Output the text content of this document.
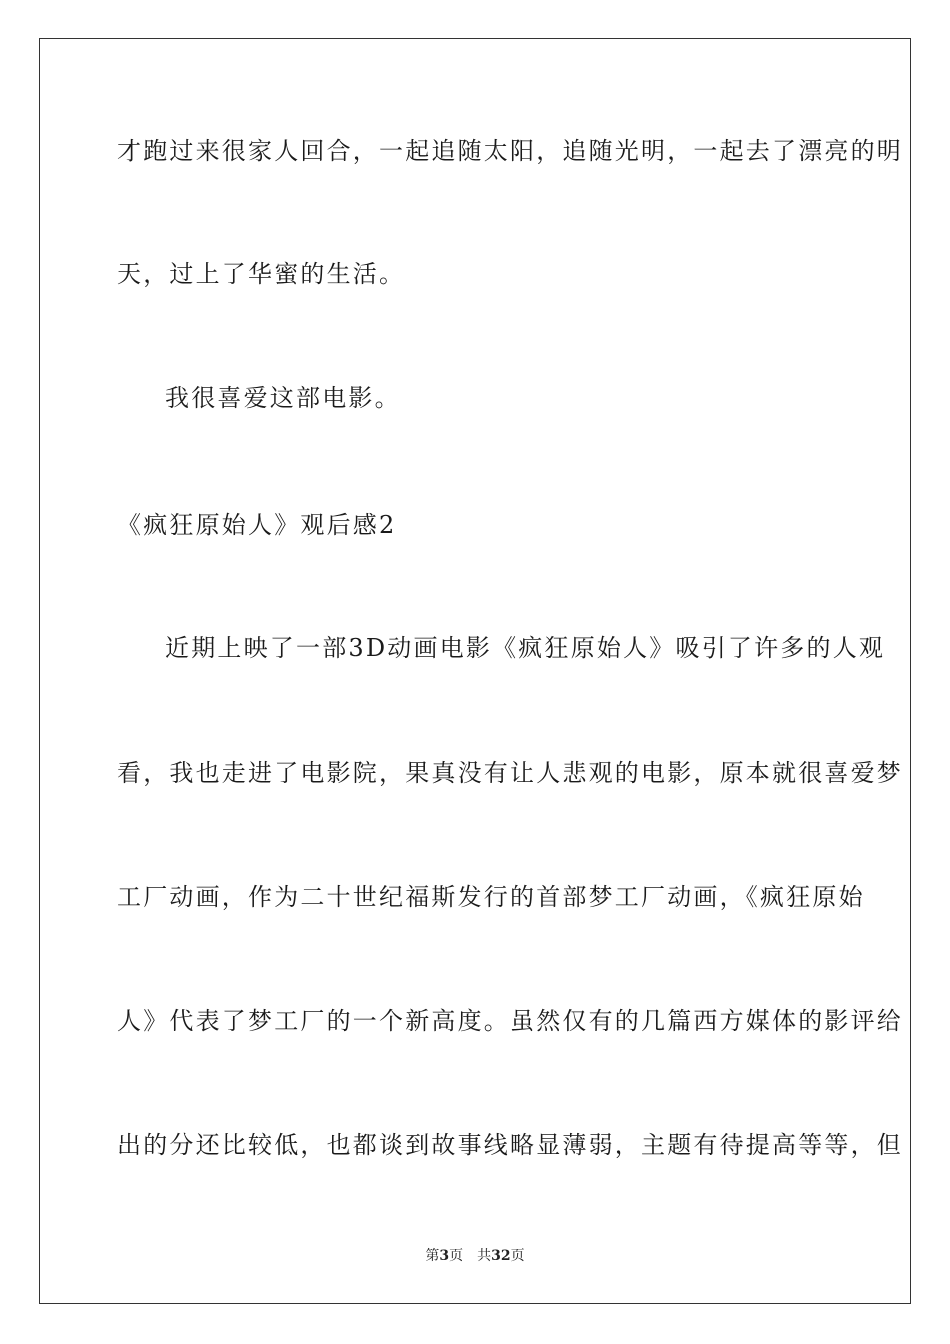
才跑过来很家人回合，一起追随太阳，追随光明，一起去了漂亮的明
天，过上了华蜜的生活。
我很喜爱这部电影。
《疯狂原始人》观后感2
近期上映了一部3D动画电影《疯狂原始人》吸引了许多的人观
看，我也走进了电影院，果真没有让人悲观的电影，原本就很喜爱梦
工厂动画，作为二十世纪福斯发行的首部梦工厂动画，《疯狂原始
人》代表了梦工厂的一个新高度。虽然仅有的几篇西方媒体的影评给
出的分还比较低，也都谈到故事线略显薄弱，主题有待提高等等，但
第3页 共32页
